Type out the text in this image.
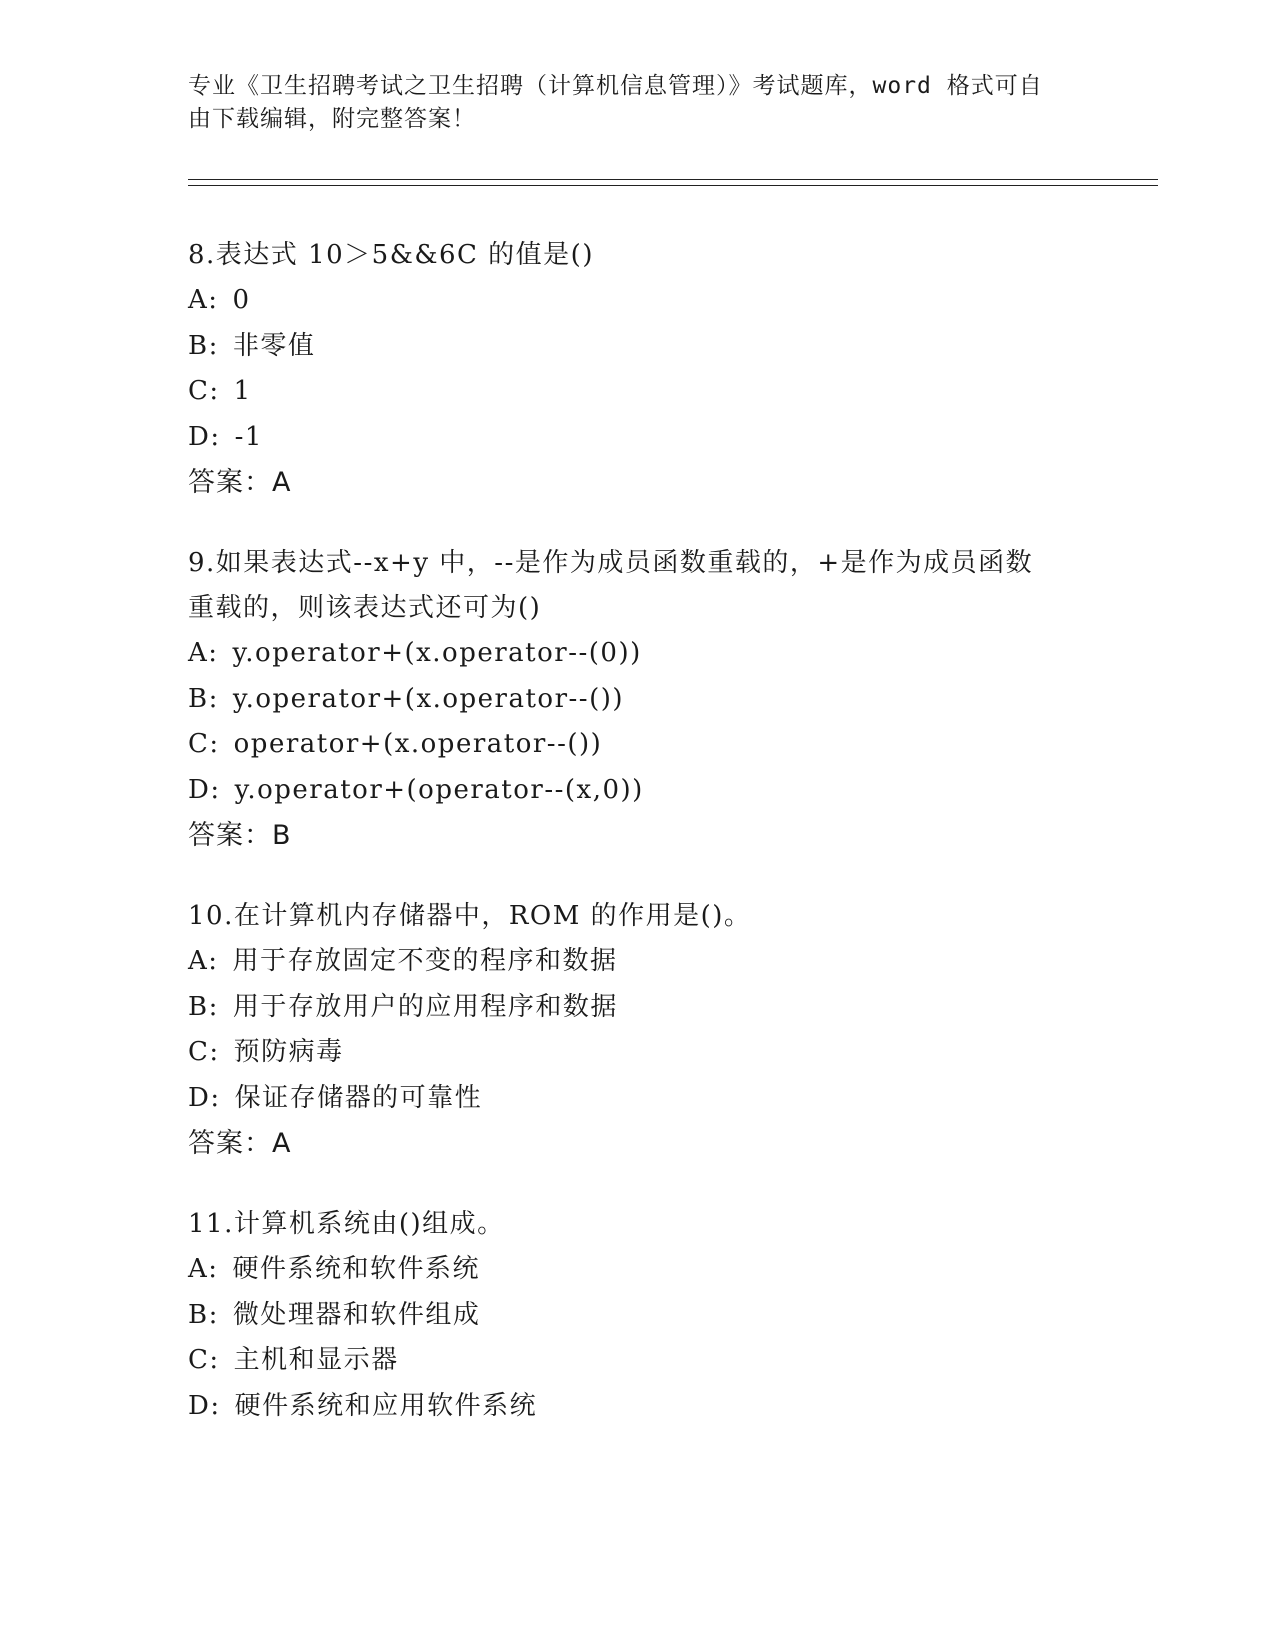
专业《卫生招聘考试之卫生招聘（计算机信息管理）》考试题库，word 格式可自
由下载编辑，附完整答案！

8.表达式 10＞5&&6C 的值是()

A: 0

B: 非零值

C: 1

D: -1

答案：A

9.如果表达式--x+y 中，--是作为成员函数重载的，+是作为成员函数

重载的，则该表达式还可为()

A: y.operator+(x.operator--(0))

B: y.operator+(x.operator--())

C: operator+(x.operator--())

D: y.operator+(operator--(x,0))

答案：B

10.在计算机内存储器中，ROM 的作用是()。

A: 用于存放固定不变的程序和数据

B: 用于存放用户的应用程序和数据

C: 预防病毒

D: 保证存储器的可靠性

答案：A

11.计算机系统由()组成。

A: 硬件系统和软件系统

B: 微处理器和软件组成

C: 主机和显示器

D: 硬件系统和应用软件系统
